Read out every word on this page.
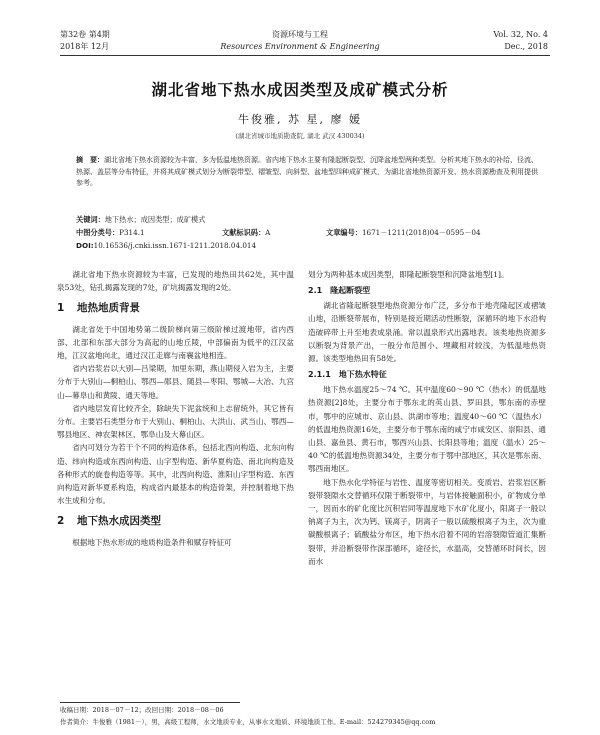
第32卷 第4期
2018年 12月
资源环境与工程
Resources Environment & Engineering
Vol. 32, No. 4
Dec., 2018
湖北省地下热水成因类型及成矿模式分析
牛俊雅, 苏 星, 廖 媛
(湖北省城市地质勘查院, 湖北 武汉 430034)
摘　要：湖北省地下热水资源较为丰富，多为低温地热资源。省内地下热水主要有隆起断裂型、沉降盆地型两种类型。分析其地下热水的补给、径流、热源、盖层等分布特征，并将其成矿模式划分为断裂带型、褶皱型、向斜型、盆地型四种成矿模式，为湖北省地热资源开发、热水资源勘查及利用提供参考。
关键词：地下热水；成因类型；成矿模式
中图分类号：P314.1	文献标识码：A	文章编号：1671－1211(2018)04－0595－04
DOI:10.16536/j.cnki.issn.1671-1211.2018.04.014

湖北省地下热水资源较为丰富，已发现的地热田共62处，其中温泉53处，钻孔揭露发现的7处，矿坑揭露发现的2处。

1 地热地质背景

湖北省处于中国地势第二级阶梯向第三级阶梯过渡地带，省内西部、北部和东部大部分为高起的山地丘陵，中部偏南为低平的江汉盆地，江汉盆地向北，通过汉江走廊与南襄盆地相连。

省内岩浆岩以大别—吕梁期，加里东期，燕山期侵入岩为主，主要分布于大别山—桐柏山、鄂西—郧县、随县—枣阳、鄂城—大冶、九宫山—幕阜山和黄陵、通天等地。

省内地层发育比较齐全，除缺失下泥盆统和上志留统外，其它皆有分布。主要岩石类型分布于大别山、桐柏山、大洪山、武当山、鄂西—鄂县地区、神农架林区、鄂阜山及大幕山区。

省内可划分为若干个不同的构造体系，包括北西向构造、北东向构造、纬向构造或东西向构造、山字型构造、新华夏构造、南北向构造及各种形式的旋卷构造等等。其中，北西向构造、淮阳山字型构造、东西向构造对新华夏系构造，构成省内最基本的构造骨架，并控制着地下热水生成和分布。

2 地下热水成因类型

根据地下热水形成的地质构造条件和赋存特征可

划分为两种基本成因类型，即隆起断裂型和沉降盆地型[1]。

2.1　隆起断裂型

湖北省隆起断裂型地热资源分布广泛，多分布于地壳隆起区或褶皱山地，沿断裂带展布，特别是接近期活动性断裂，深循环的地下水沿构造破碎带上升至地表成泉涌。常以温泉形式出露地表。该类地热资源多以断裂为背景产出，一般分布范围小、埋藏相对较浅，为低温地热资源。该类型地热田有58处。

2.1.1　地下热水特征

地下热水温度25～74 ℃。其中温度60～90 ℃（热水）的低温地热资源[2]8处，主要分布于鄂东北的英山县、罗田县，鄂东南的赤壁市，鄂中的应城市、京山县、洪湖市等地；温度40～60 ℃（温热水）的低温地热资源16处，主要分布于鄂东南的咸宁市咸安区、崇阳县、通山县、嘉鱼县、黄石市，鄂西兴山县、长阳县等地；温度（温水）25～40 ℃的低温地热资源34处，主要分布于鄂中部地区，其次是鄂东南、鄂西南地区。

地下热水化学特征与岩性、温度等密切相关。变质岩、岩浆岩区断裂带裂隙水交替循环仅限于断裂带中，与岩体接触面积小，矿物成分单一，因而水的矿化度比沉积岩同等温度地下水矿化度小，阳离子一般以钠离子为主，次为钙、镁离子，阴离子一般以硫酸根离子为主，次为重碳酸根离子；硫酸盐分布区，地下热水沿着不同的岩溶裂隙管道汇集断裂带，并沿断裂带作深部循环，途径长，水温高，交替循环时间长，因而水

收稿日期：2018－07－12；改回日期：2018－08－06
作者简介：牛俊雅（1981－），男，高级工程师，水文地质专业，从事水文地质、环境地质工作。E-mail：524279345@qq.com
